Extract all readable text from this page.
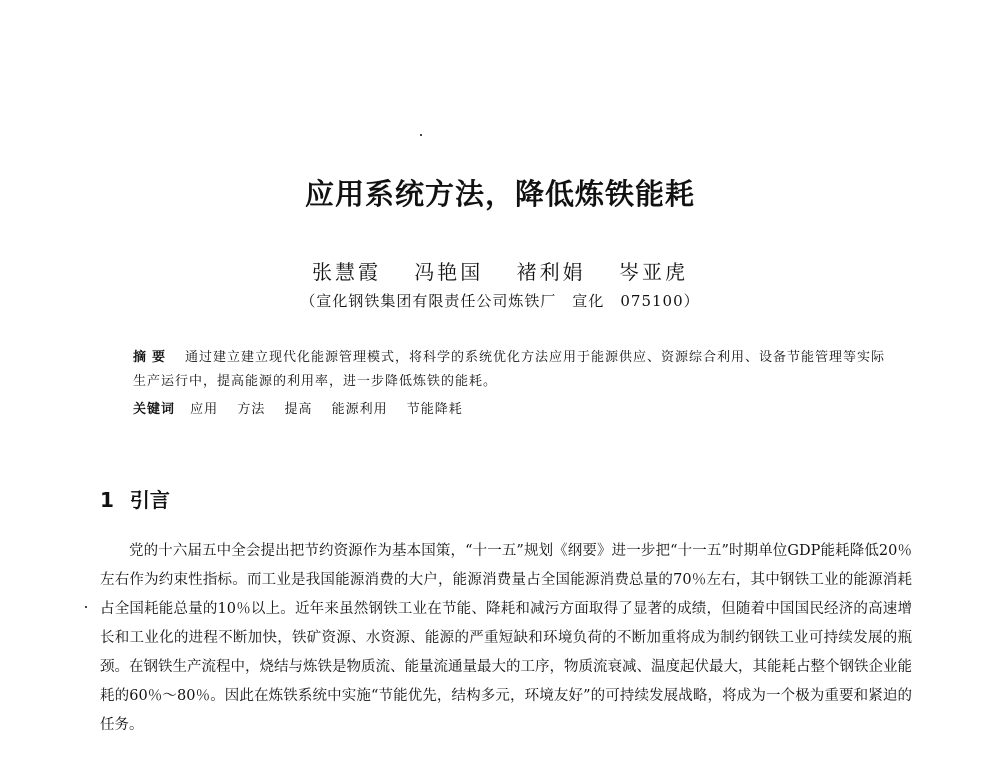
应用系统方法，降低炼铁能耗
张慧霞 冯艳国 褚利娟 岑亚虎
（宣化钢铁集团有限责任公司炼铁厂　宣化　075100）
摘要 通过建立建立现代化能源管理模式，将科学的系统优化方法应用于能源供应、资源综合利用、设备节能管理等实际生产运行中，提高能源的利用率，进一步降低炼铁的能耗。
关键词 应用 方法 提高 能源利用 节能降耗
1 引言

党的十六届五中全会提出把节约资源作为基本国策，“十一五”规划《纲要》进一步把“十一五”时期单位GDP能耗降低20％左右作为约束性指标。而工业是我国能源消费的大户，能源消费量占全国能源消费总量的70％左右，其中钢铁工业的能源消耗占全国耗能总量的10％以上。近年来虽然钢铁工业在节能、降耗和减污方面取得了显著的成绩，但随着中国国民经济的高速增长和工业化的进程不断加快，铁矿资源、水资源、能源的严重短缺和环境负荷的不断加重将成为制约钢铁工业可持续发展的瓶颈。在钢铁生产流程中，烧结与炼铁是物质流、能量流通量最大的工序，物质流衰减、温度起伏最大，其能耗占整个钢铁企业能耗的60％～80％。因此在炼铁系统中实施“节能优先，结构多元，环境友好”的可持续发展战略，将成为一个极为重要和紧迫的任务。
